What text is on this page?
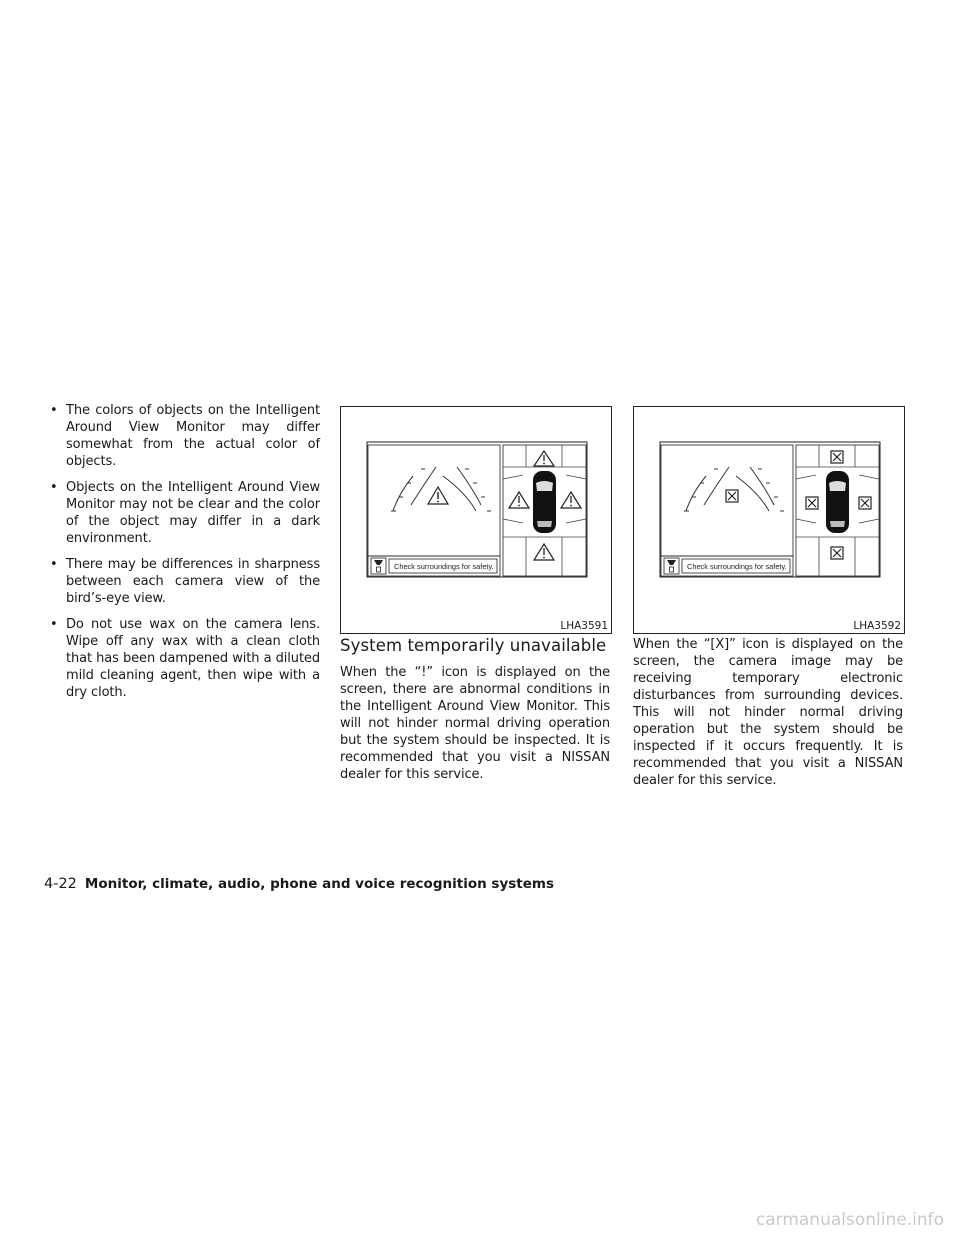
• The colors of objects on the Intelligent Around View Monitor may differ somewhat from the actual color of objects.
• Objects on the Intelligent Around View Monitor may not be clear and the color of the object may differ in a dark environment.
• There may be differences in sharpness between each camera view of the bird’s-eye view.
• Do not use wax on the camera lens. Wipe off any wax with a clean cloth that has been dampened with a diluted mild cleaning agent, then wipe with a dry cloth.
Check surroundings for safety.
LHA3591
Check surroundings for safety.
LHA3592
System temporarily unavailable

When the “!” icon is displayed on the screen, there are abnormal conditions in the Intelligent Around View Monitor. This will not hinder normal driving operation but the system should be inspected. It is recommended that you visit a NISSAN dealer for this service.

When the “[X]” icon is displayed on the screen, the camera image may be receiving temporary electronic disturbances from surrounding devices. This will not hinder normal driving operation but the system should be inspected if it occurs frequently. It is recommended that you visit a NISSAN dealer for this service.

4-22 Monitor, climate, audio, phone and voice recognition systems
carmanualsonline.info
